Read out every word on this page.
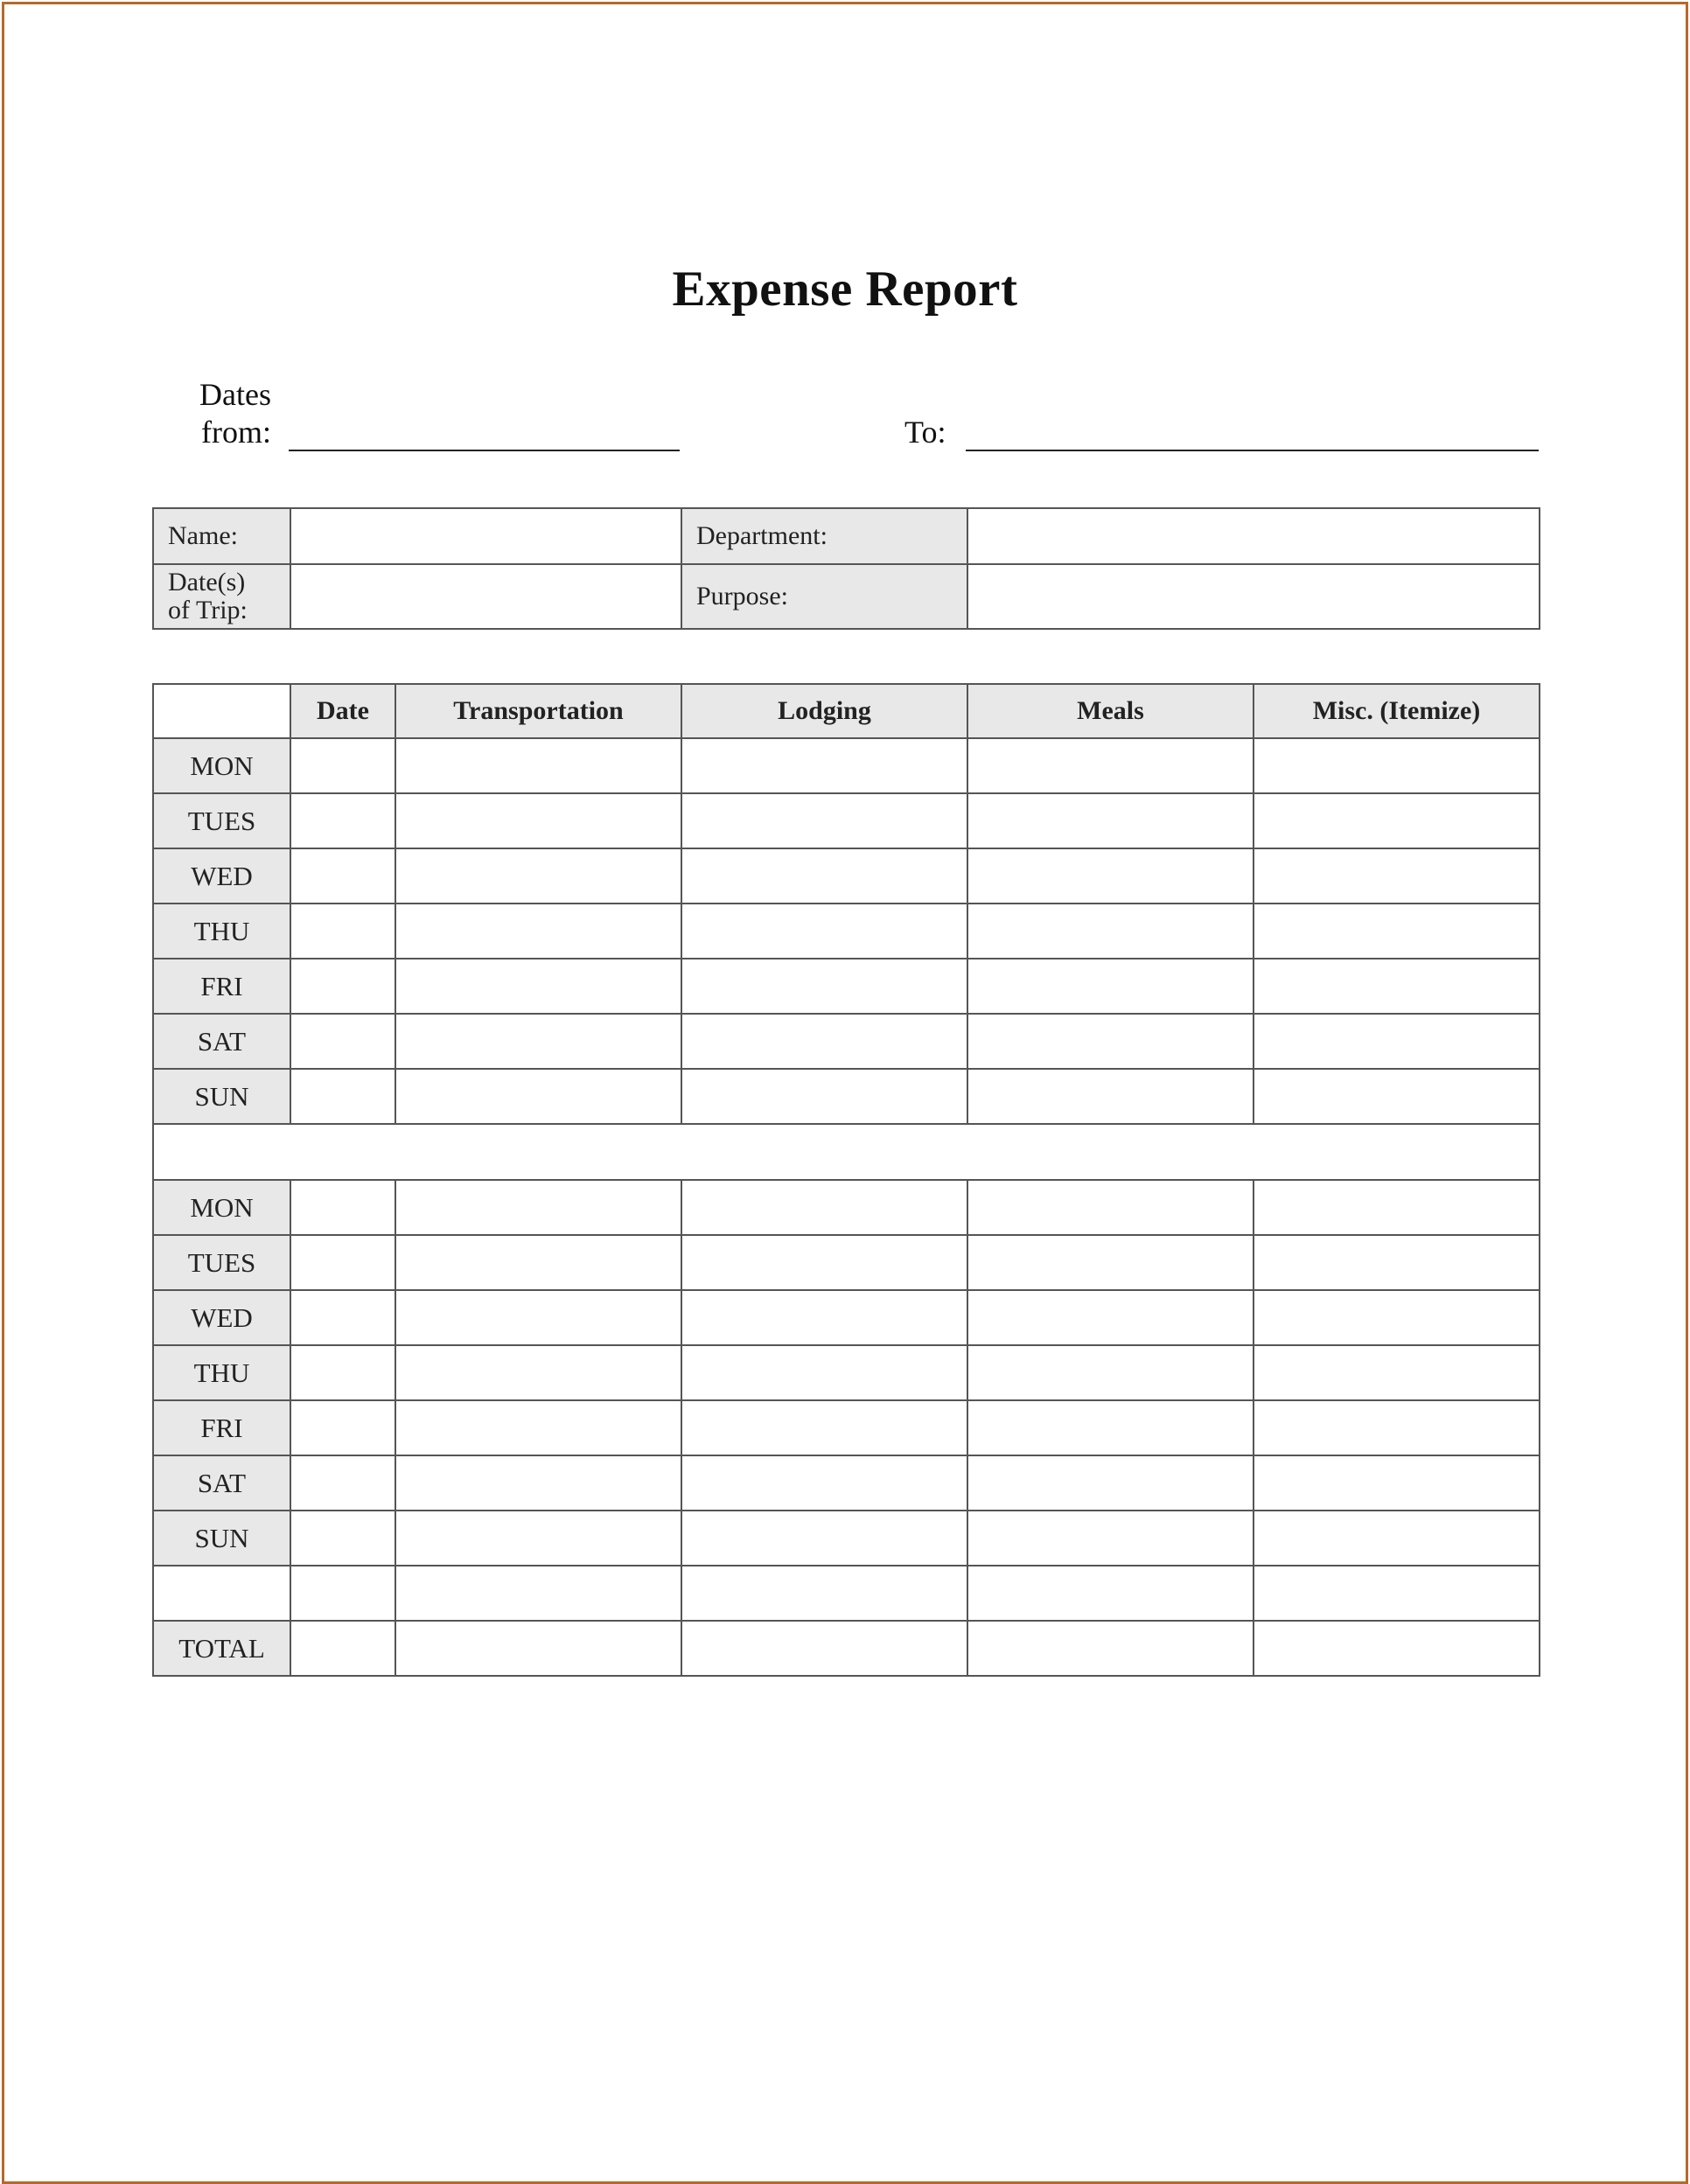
Expense Report
Dates
from:	To:
Name:		Department:	

Date(s)
of Trip:		Purpose:	
	Date	Transportation	Lodging	Meals	Misc. (Itemize)
MON					
TUES					
WED					
THU					
FRI					
SAT					
SUN					

MON					
TUES					
WED					
THU					
FRI					
SAT					
SUN					

TOTAL					
